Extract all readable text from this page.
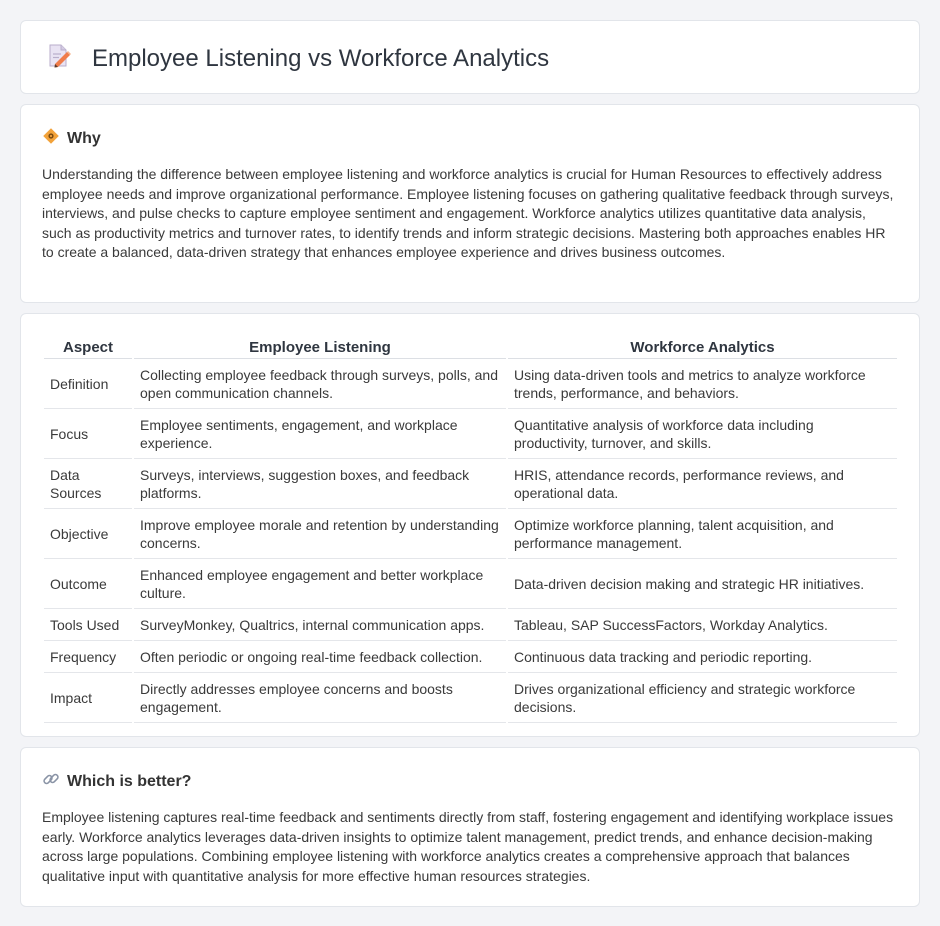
Employee Listening vs Workforce Analytics
Why

Understanding the difference between employee listening and workforce analytics is crucial for Human Resources to effectively address employee needs and improve organizational performance. Employee listening focuses on gathering qualitative feedback through surveys, interviews, and pulse checks to capture employee sentiment and engagement. Workforce analytics utilizes quantitative data analysis, such as productivity metrics and turnover rates, to identify trends and inform strategic decisions. Mastering both approaches enables HR to create a balanced, data-driven strategy that enhances employee experience and drives business outcomes.

Aspect	Employee Listening	Workforce Analytics
Definition	Collecting employee feedback through surveys, polls, and open communication channels.	Using data-driven tools and metrics to analyze workforce trends, performance, and behaviors.
Focus	Employee sentiments, engagement, and workplace experience.	Quantitative analysis of workforce data including productivity, turnover, and skills.
Data Sources	Surveys, interviews, suggestion boxes, and feedback platforms.	HRIS, attendance records, performance reviews, and operational data.
Objective	Improve employee morale and retention by understanding concerns.	Optimize workforce planning, talent acquisition, and performance management.
Outcome	Enhanced employee engagement and better workplace culture.	Data-driven decision making and strategic HR initiatives.
Tools Used	SurveyMonkey, Qualtrics, internal communication apps.	Tableau, SAP SuccessFactors, Workday Analytics.
Frequency	Often periodic or ongoing real-time feedback collection.	Continuous data tracking and periodic reporting.
Impact	Directly addresses employee concerns and boosts engagement.	Drives organizational efficiency and strategic workforce decisions.
Which is better?

Employee listening captures real-time feedback and sentiments directly from staff, fostering engagement and identifying workplace issues early. Workforce analytics leverages data-driven insights to optimize talent management, predict trends, and enhance decision-making across large populations. Combining employee listening with workforce analytics creates a comprehensive approach that balances qualitative input with quantitative analysis for more effective human resources strategies.
